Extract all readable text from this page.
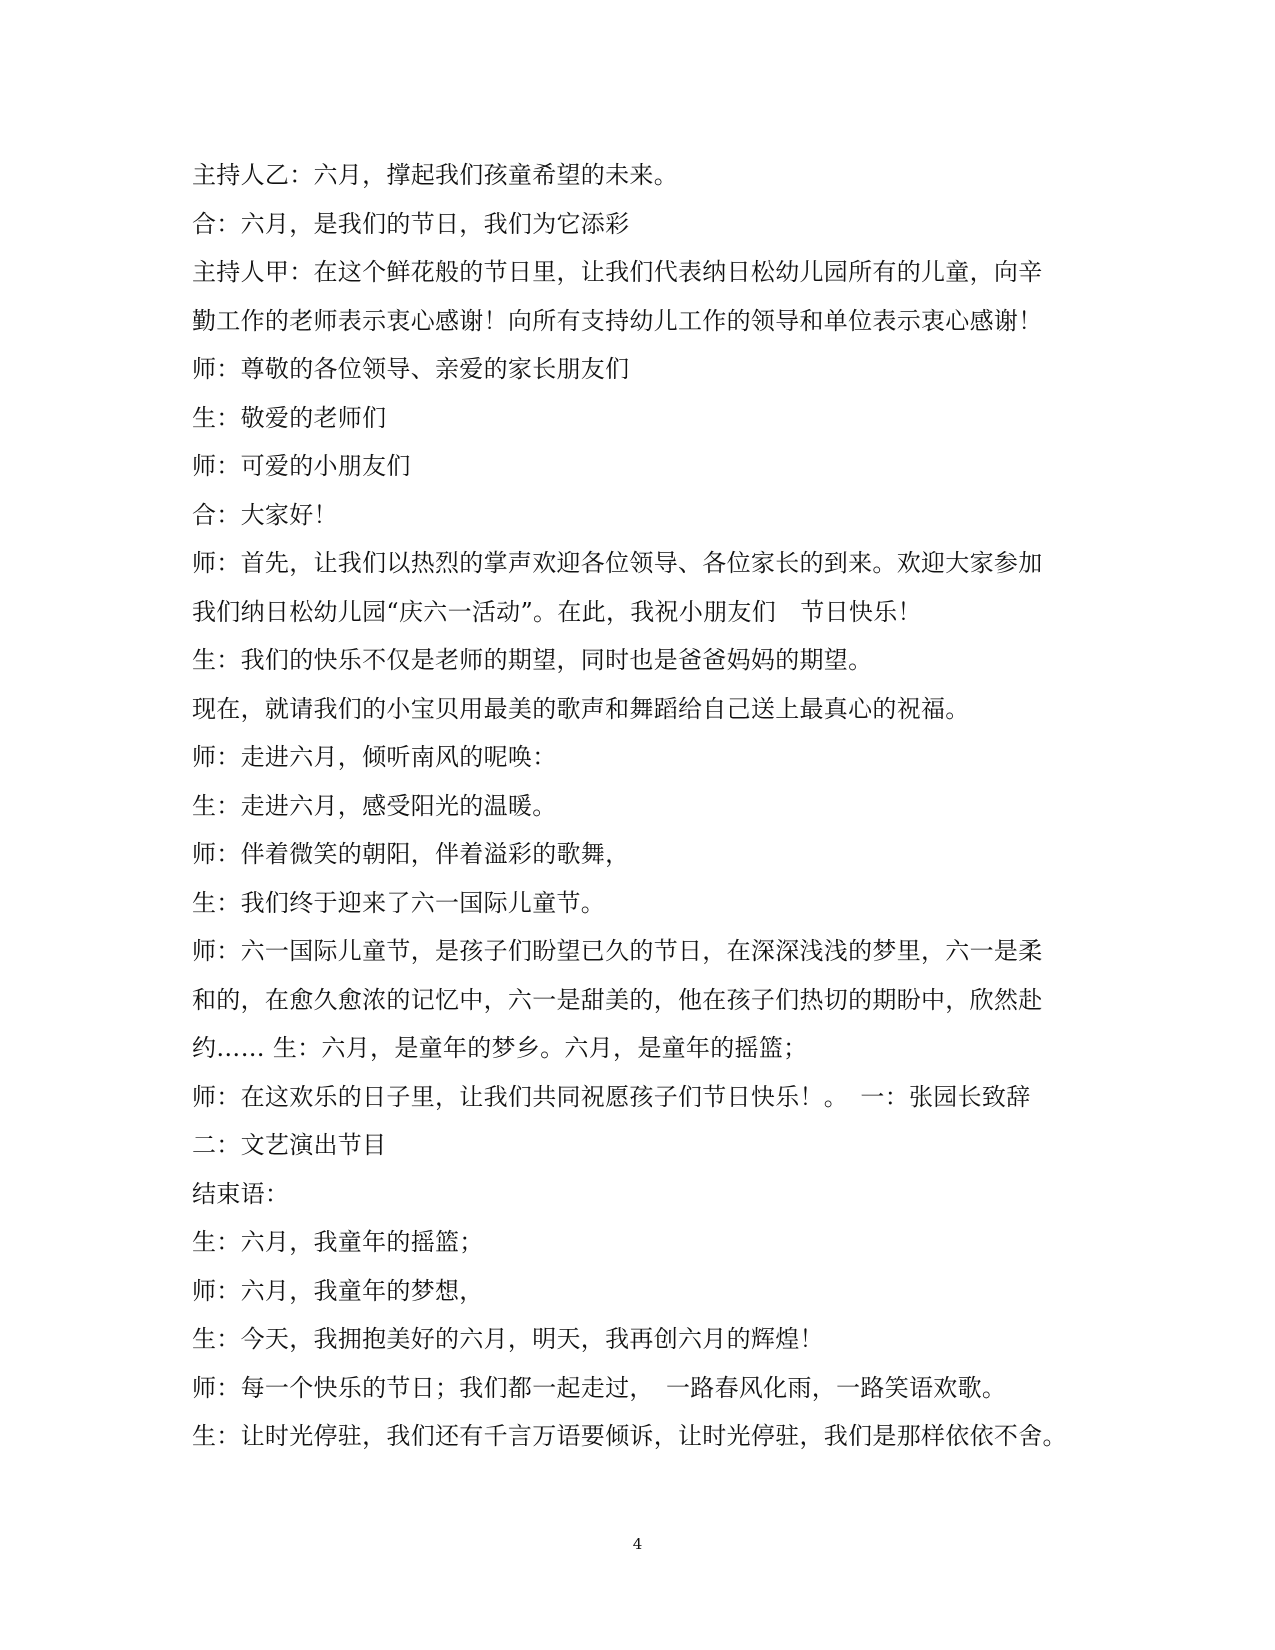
主持人乙：六月，撑起我们孩童希望的未来。
合：六月，是我们的节日，我们为它添彩
主持人甲：在这个鲜花般的节日里，让我们代表纳日松幼儿园所有的儿童，向辛
勤工作的老师表示衷心感谢！向所有支持幼儿工作的领导和单位表示衷心感谢！
师：尊敬的各位领导、亲爱的家长朋友们
生：敬爱的老师们
师：可爱的小朋友们
合：大家好！
师：首先，让我们以热烈的掌声欢迎各位领导、各位家长的到来。欢迎大家参加
我们纳日松幼儿园“庆六一活动”。在此，我祝小朋友们　节日快乐！
生：我们的快乐不仅是老师的期望，同时也是爸爸妈妈的期望。
现在，就请我们的小宝贝用最美的歌声和舞蹈给自己送上最真心的祝福。
师：走进六月，倾听南风的呢唤：
生：走进六月，感受阳光的温暖。
师：伴着微笑的朝阳，伴着溢彩的歌舞，
生：我们终于迎来了六一国际儿童节。
师：六一国际儿童节，是孩子们盼望已久的节日，在深深浅浅的梦里，六一是柔
和的，在愈久愈浓的记忆中，六一是甜美的，他在孩子们热切的期盼中，欣然赴
约…… 生：六月，是童年的梦乡。六月，是童年的摇篮；
师：在这欢乐的日子里，让我们共同祝愿孩子们节日快乐！。　一：张园长致辞
二：文艺演出节目
结束语：
生：六月，我童年的摇篮；
师：六月，我童年的梦想，
生：今天，我拥抱美好的六月，明天，我再创六月的辉煌！
师：每一个快乐的节日；我们都一起走过，　一路春风化雨，一路笑语欢歌。
生：让时光停驻，我们还有千言万语要倾诉，让时光停驻，我们是那样依依不舍。
4
